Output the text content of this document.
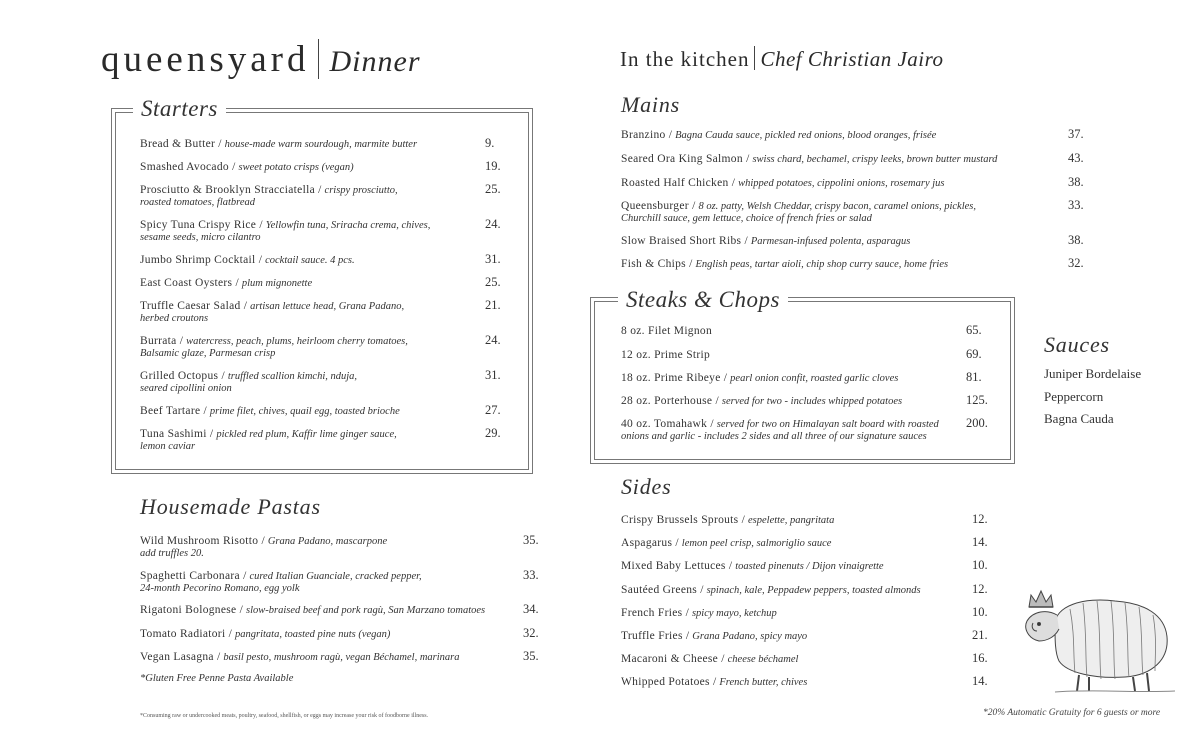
queensyard Dinner	In the kitchen Chef Christian Jairo
Starters
Bread & Butter / house-made warm sourdough, marmite butter	9.
Smashed Avocado / sweet potato crisps (vegan)	19.
Prosciutto & Brooklyn Stracciatella / crispy prosciutto,
roasted tomatoes, flatbread
25.
Spicy Tuna Crispy Rice / Yellowfin tuna, Sriracha crema, chives,
sesame seeds, micro cilantro
24.
Jumbo Shrimp Cocktail / cocktail sauce. 4 pcs.	31.
East Coast Oysters / plum mignonette	25.
Truffle Caesar Salad / artisan lettuce head, Grana Padano,
herbed croutons
21.
Burrata / watercress, peach, plums, heirloom cherry tomatoes,
Balsamic glaze, Parmesan crisp
24.
Grilled Octopus / truffled scallion kimchi, nduja,
seared cipollini onion
31.
Beef Tartare / prime filet, chives, quail egg, toasted brioche	27.
Tuna Sashimi / pickled red plum, Kaffir lime ginger sauce,
lemon caviar
29.
Housemade Pastas
Wild Mushroom Risotto / Grana Padano, mascarpone
add truffles 20.
35.
Spaghetti Carbonara / cured Italian Guanciale, cracked pepper,
24-month Pecorino Romano, egg yolk
33.
Rigatoni Bolognese / slow-braised beef and pork ragù, San Marzano tomatoes	34.
Tomato Radiatori / pangritata, toasted pine nuts (vegan)	32.
Vegan Lasagna / basil pesto, mushroom ragù, vegan Béchamel, marinara	35.
*Gluten Free Penne Pasta Available
*Consuming raw or undercooked meats, poultry, seafood, shellfish, or eggs may increase your risk of foodborne illness.
Mains
Branzino / Bagna Cauda sauce, pickled red onions, blood oranges, frisée	37.
Seared Ora King Salmon / swiss chard, bechamel, crispy leeks, brown butter mustard	43.
Roasted Half Chicken / whipped potatoes, cippolini onions, rosemary jus	38.
Queensburger / 8 oz. patty, Welsh Cheddar, crispy bacon, caramel onions, pickles,
Churchill sauce, gem lettuce, choice of french fries or salad
33.
Slow Braised Short Ribs / Parmesan-infused polenta, asparagus	38.
Fish & Chips / English peas, tartar aioli, chip shop curry sauce, home fries	32.
Steaks & Chops
8 oz. Filet Mignon	65.
12 oz. Prime Strip	69.
18 oz. Prime Ribeye / pearl onion confit, roasted garlic cloves	81.
28 oz. Porterhouse / served for two - includes whipped potatoes	125.
40 oz. Tomahawk / served for two on Himalayan salt board with roasted
onions and garlic - includes 2 sides and all three of our signature sauces
200.
Sauces
Juniper Bordelaise
Peppercorn
Bagna Cauda
Sides
Crispy Brussels Sprouts / espelette, pangritata	12.
Aspagarus / lemon peel crisp, salmoriglio sauce	14.
Mixed Baby Lettuces / toasted pinenuts / Dijon vinaigrette	10.
Sautéed Greens / spinach, kale, Peppadew peppers, toasted almonds	12.
French Fries / spicy mayo, ketchup	10.
Truffle Fries / Grana Padano, spicy mayo	21.
Macaroni & Cheese / cheese béchamel	16.
Whipped Potatoes / French butter, chives	14.
*20% Automatic Gratuity for 6 guests or more
